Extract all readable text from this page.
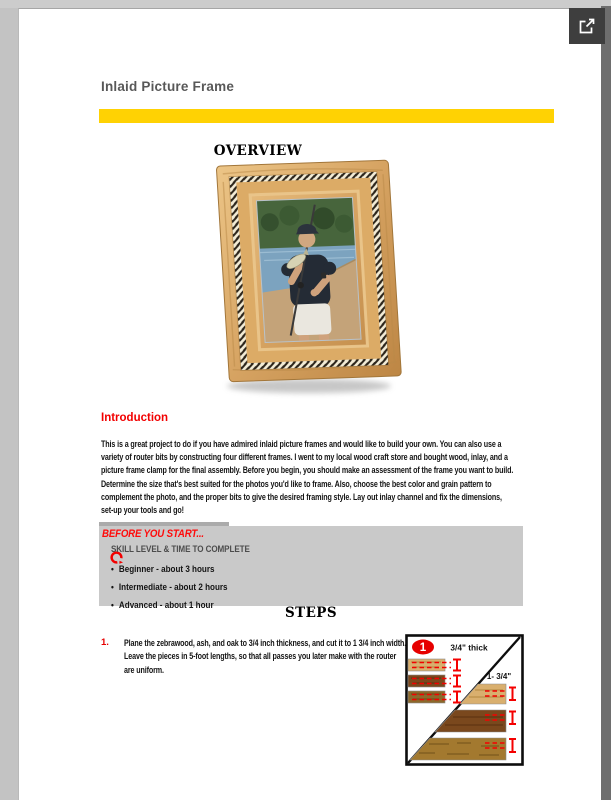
Inlaid Picture Frame
OVERVIEW
Introduction
This is a great project to do if you have admired inlaid picture frames and would like to build your own. You can also use a variety of router bits by constructing four different frames. I went to my local wood craft store and bought wood, inlay, and a picture frame clamp for the final assembly. Before you begin, you should make an assessment of the frame you want to build. Determine the size that's best suited for the photos you'd like to frame. Also, choose the best color and grain pattern to complement the photo, and the proper bits to give the desired framing style. Lay out inlay channel and fix the dimensions, set-up your tools and go!
BEFORE YOU START...
SKILL LEVEL & TIME TO COMPLETE
• Beginner - about 3 hours
• Intermediate - about 2 hours
• Advanced - about 1 hour	STEPS
1. Plane the zebrawood, ash, and oak to 3/4 inch thickness, and cut it to 1 3/4 inch width. Leave the pieces in 5-foot lengths, so that all passes you later make with the router are uniform.
1	3/4" thick
1- 3/4"
